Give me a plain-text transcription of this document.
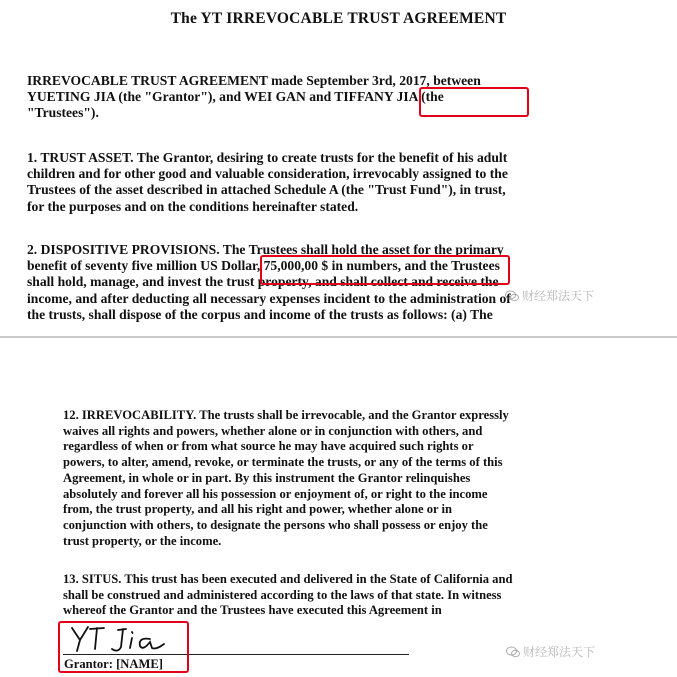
The YT IRREVOCABLE TRUST AGREEMENT
IRREVOCABLE TRUST AGREEMENT made September 3rd, 2017, between
YUETING JIA (the "Grantor"), and WEI GAN and TIFFANY JIA (the
"Trustees").
1. TRUST ASSET. The Grantor, desiring to create trusts for the benefit of his adult
children and for other good and valuable consideration, irrevocably assigned to the
Trustees of the asset described in attached Schedule A (the "Trust Fund"), in trust,
for the purposes and on the conditions hereinafter stated.
2. DISPOSITIVE PROVISIONS. The Trustees shall hold the asset for the primary
benefit of seventy five million US Dollar, 75,000,00 $ in numbers, and the Trustees
shall hold, manage, and invest the trust property, and shall collect and receive the
income, and after deducting all necessary expenses incident to the administration of
the trusts, shall dispose of the corpus and income of the trusts as follows: (a) The
财经郑法天下
12. IRREVOCABILITY. The trusts shall be irrevocable, and the Grantor expressly
waives all rights and powers, whether alone or in conjunction with others, and
regardless of when or from what source he may have acquired such rights or
powers, to alter, amend, revoke, or terminate the trusts, or any of the terms of this
Agreement, in whole or in part. By this instrument the Grantor relinquishes
absolutely and forever all his possession or enjoyment of, or right to the income
from, the trust property, and all his right and power, whether alone or in
conjunction with others, to designate the persons who shall possess or enjoy the
trust property, or the income.
13. SITUS. This trust has been executed and delivered in the State of California and
shall be construed and administered according to the laws of that state. In witness
whereof the Grantor and the Trustees have executed this Agreement in
Grantor: [NAME]
财经郑法天下
